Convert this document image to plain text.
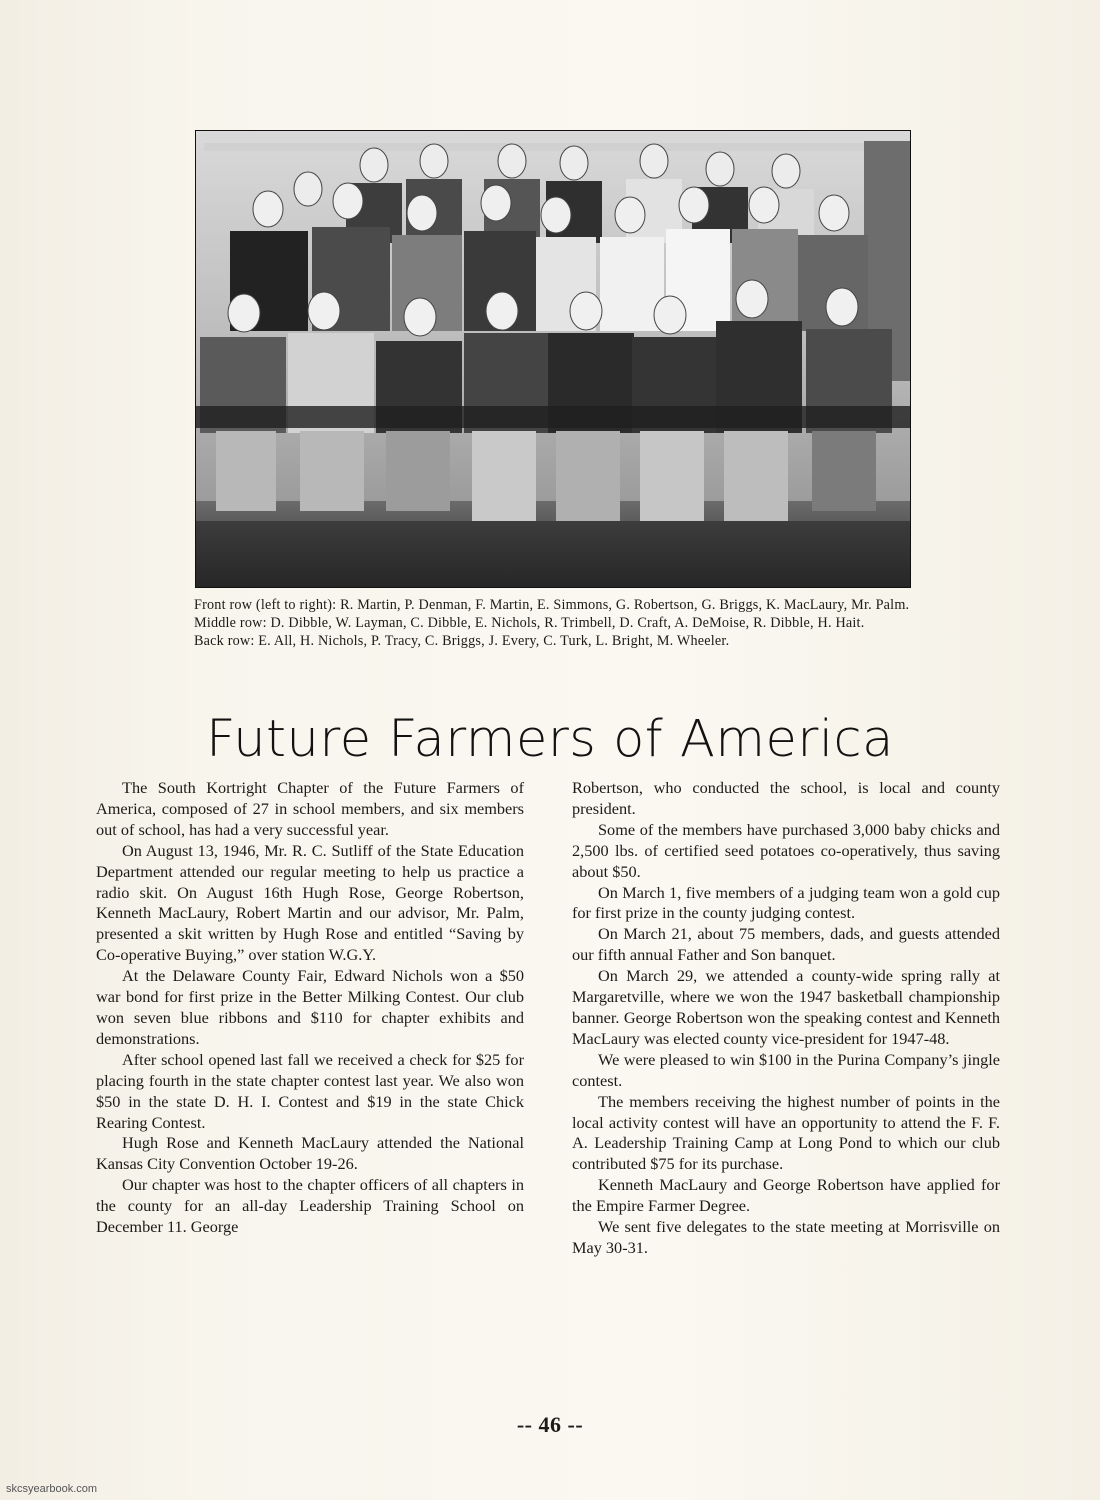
Front row (left to right): R. Martin, P. Denman, F. Martin, E. Simmons, G. Robertson, G. Briggs, K. MacLaury, Mr. Palm.

Middle row: D. Dibble, W. Layman, C. Dibble, E. Nichols, R. Trimbell, D. Craft, A. DeMoise, R. Dibble, H. Hait.

Back row: E. All, H. Nichols, P. Tracy, C. Briggs, J. Every, C. Turk, L. Bright, M. Wheeler.

Future Farmers of America

The South Kortright Chapter of the Future Farmers of America, composed of 27 in school members, and six members out of school, has had a very successful year.

On August 13, 1946, Mr. R. C. Sutliff of the State Education Department attended our regular meeting to help us practice a radio skit. On August 16th Hugh Rose, George Robertson, Kenneth MacLaury, Robert Martin and our advisor, Mr. Palm, presented a skit written by Hugh Rose and entitled “Saving by Co-operative Buying,” over station W.G.Y.

At the Delaware County Fair, Edward Nichols won a $50 war bond for first prize in the Better Milking Contest. Our club won seven blue ribbons and $110 for chapter exhibits and demonstrations.

After school opened last fall we received a check for $25 for placing fourth in the state chapter contest last year. We also won $50 in the state D. H. I. Contest and $19 in the state Chick Rearing Contest.

Hugh Rose and Kenneth MacLaury attended the National Kansas City Convention October 19-26.

Our chapter was host to the chapter officers of all chapters in the county for an all-day Leadership Training School on December 11. George

Robertson, who conducted the school, is local and county president.

Some of the members have purchased 3,000 baby chicks and 2,500 lbs. of certified seed potatoes co-operatively, thus saving about $50.

On March 1, five members of a judging team won a gold cup for first prize in the county judging contest.

On March 21, about 75 members, dads, and guests attended our fifth annual Father and Son banquet.

On March 29, we attended a county-wide spring rally at Margaretville, where we won the 1947 basketball championship banner. George Robertson won the speaking contest and Kenneth MacLaury was elected county vice-president for 1947-48.

We were pleased to win $100 in the Purina Company’s jingle contest.

The members receiving the highest number of points in the local activity contest will have an opportunity to attend the F. F. A. Leadership Training Camp at Long Pond to which our club contributed $75 for its purchase.

Kenneth MacLaury and George Robertson have applied for the Empire Farmer Degree.

We sent five delegates to the state meeting at Morrisville on May 30-31.

-- 46 --
skcsyearbook.com
